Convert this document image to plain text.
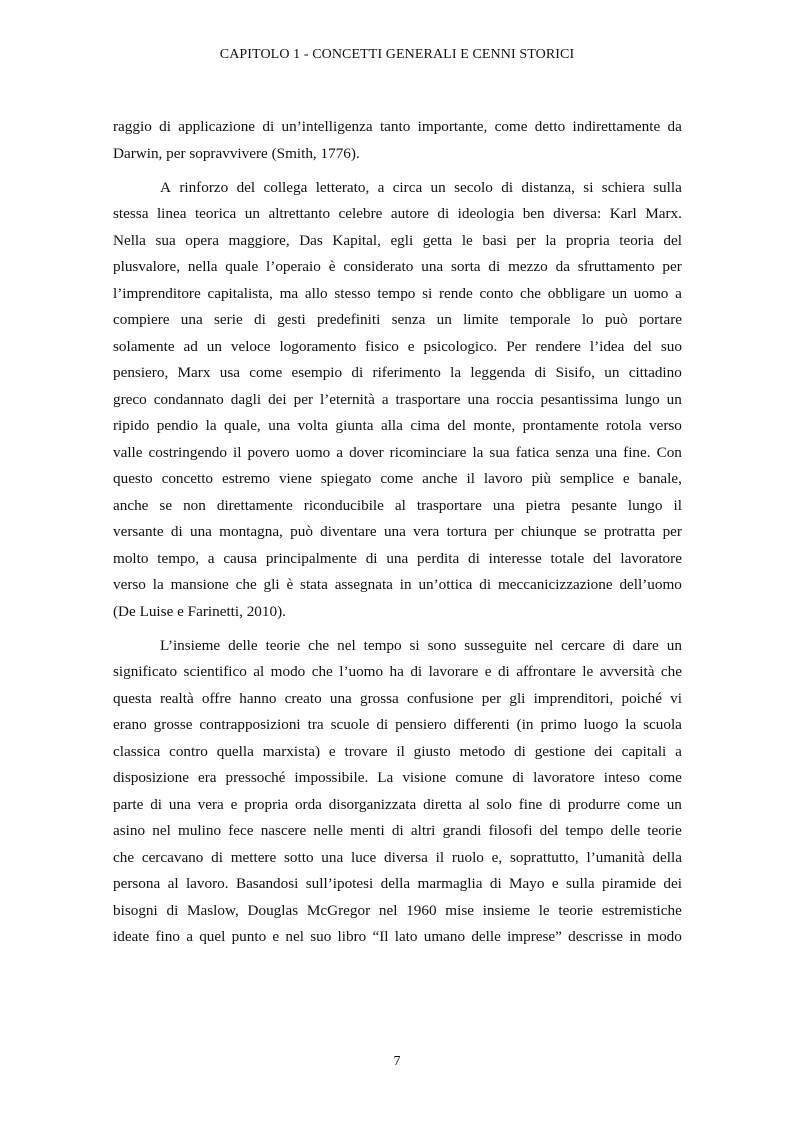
CAPITOLO 1 - CONCETTI GENERALI E CENNI STORICI

raggio di applicazione di un’intelligenza tanto importante, come detto indirettamente da
Darwin, per sopravvivere (Smith, 1776).

A rinforzo del collega letterato, a circa un secolo di distanza, si schiera sulla
stessa linea teorica un altrettanto celebre autore di ideologia ben diversa: Karl Marx.
Nella sua opera maggiore, Das Kapital, egli getta le basi per la propria teoria del
plusvalore, nella quale l’operaio è considerato una sorta di mezzo da sfruttamento per
l’imprenditore capitalista, ma allo stesso tempo si rende conto che obbligare un uomo a
compiere una serie di gesti predefiniti senza un limite temporale lo può portare
solamente ad un veloce logoramento fisico e psicologico. Per rendere l’idea del suo
pensiero, Marx usa come esempio di riferimento la leggenda di Sisifo, un cittadino
greco condannato dagli dei per l’eternità a trasportare una roccia pesantissima lungo un
ripido pendio la quale, una volta giunta alla cima del monte, prontamente rotola verso
valle costringendo il povero uomo a dover ricominciare la sua fatica senza una fine. Con
questo concetto estremo viene spiegato come anche il lavoro più semplice e banale,
anche se non direttamente riconducibile al trasportare una pietra pesante lungo il
versante di una montagna, può diventare una vera tortura per chiunque se protratta per
molto tempo, a causa principalmente di una perdita di interesse totale del lavoratore
verso la mansione che gli è stata assegnata in un’ottica di meccanicizzazione dell’uomo
(De Luise e Farinetti, 2010).

L’insieme delle teorie che nel tempo si sono susseguite nel cercare di dare un
significato scientifico al modo che l’uomo ha di lavorare e di affrontare le avversità che
questa realtà offre hanno creato una grossa confusione per gli imprenditori, poiché vi
erano grosse contrapposizioni tra scuole di pensiero differenti (in primo luogo la scuola
classica contro quella marxista) e trovare il giusto metodo di gestione dei capitali a
disposizione era pressoché impossibile. La visione comune di lavoratore inteso come
parte di una vera e propria orda disorganizzata diretta al solo fine di produrre come un
asino nel mulino fece nascere nelle menti di altri grandi filosofi del tempo delle teorie
che cercavano di mettere sotto una luce diversa il ruolo e, soprattutto, l’umanità della
persona al lavoro. Basandosi sull’ipotesi della marmaglia di Mayo e sulla piramide dei
bisogni di Maslow, Douglas McGregor nel 1960 mise insieme le teorie estremistiche
ideate fino a quel punto e nel suo libro “Il lato umano delle imprese” descrisse in modo

7
